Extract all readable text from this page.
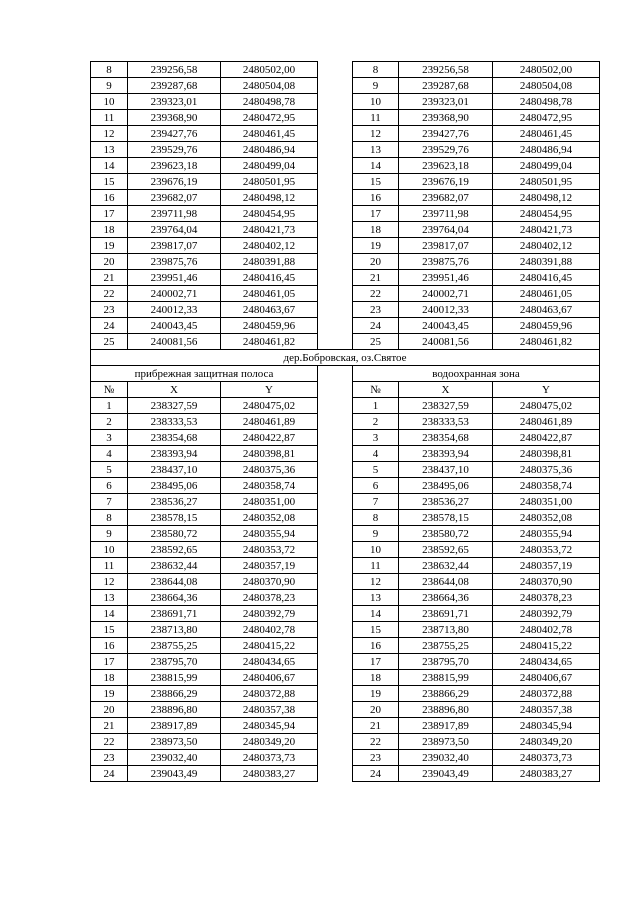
8	239256,58	2480502,00		8	239256,58	2480502,00
9	239287,68	2480504,08		9	239287,68	2480504,08
10	239323,01	2480498,78		10	239323,01	2480498,78
11	239368,90	2480472,95		11	239368,90	2480472,95
12	239427,76	2480461,45		12	239427,76	2480461,45
13	239529,76	2480486,94		13	239529,76	2480486,94
14	239623,18	2480499,04		14	239623,18	2480499,04
15	239676,19	2480501,95		15	239676,19	2480501,95
16	239682,07	2480498,12		16	239682,07	2480498,12
17	239711,98	2480454,95		17	239711,98	2480454,95
18	239764,04	2480421,73		18	239764,04	2480421,73
19	239817,07	2480402,12		19	239817,07	2480402,12
20	239875,76	2480391,88		20	239875,76	2480391,88
21	239951,46	2480416,45		21	239951,46	2480416,45
22	240002,71	2480461,05		22	240002,71	2480461,05
23	240012,33	2480463,67		23	240012,33	2480463,67
24	240043,45	2480459,96		24	240043,45	2480459,96
25	240081,56	2480461,82		25	240081,56	2480461,82
дер.Бобровская, оз.Святое						
прибрежная защитная полоса				водоохранная зона		
№	X	Y		№	X	Y
1	238327,59	2480475,02		1	238327,59	2480475,02
2	238333,53	2480461,89		2	238333,53	2480461,89
3	238354,68	2480422,87		3	238354,68	2480422,87
4	238393,94	2480398,81		4	238393,94	2480398,81
5	238437,10	2480375,36		5	238437,10	2480375,36
6	238495,06	2480358,74		6	238495,06	2480358,74
7	238536,27	2480351,00		7	238536,27	2480351,00
8	238578,15	2480352,08		8	238578,15	2480352,08
9	238580,72	2480355,94		9	238580,72	2480355,94
10	238592,65	2480353,72		10	238592,65	2480353,72
11	238632,44	2480357,19		11	238632,44	2480357,19
12	238644,08	2480370,90		12	238644,08	2480370,90
13	238664,36	2480378,23		13	238664,36	2480378,23
14	238691,71	2480392,79		14	238691,71	2480392,79
15	238713,80	2480402,78		15	238713,80	2480402,78
16	238755,25	2480415,22		16	238755,25	2480415,22
17	238795,70	2480434,65		17	238795,70	2480434,65
18	238815,99	2480406,67		18	238815,99	2480406,67
19	238866,29	2480372,88		19	238866,29	2480372,88
20	238896,80	2480357,38		20	238896,80	2480357,38
21	238917,89	2480345,94		21	238917,89	2480345,94
22	238973,50	2480349,20		22	238973,50	2480349,20
23	239032,40	2480373,73		23	239032,40	2480373,73
24	239043,49	2480383,27		24	239043,49	2480383,27
